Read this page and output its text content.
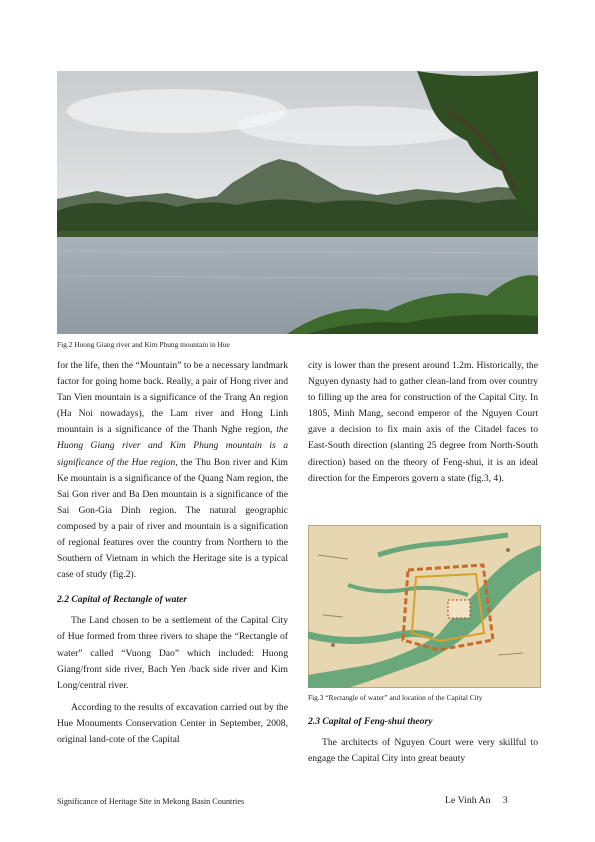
Fig.2 Huong Giang river and Kim Phung mountain in Hue

for the life, then the “Mountain” to be a necessary landmark factor for going home back. Really, a pair of Hong river and Tan Vien mountain is a significance of the Trang An region (Ha Noi nowadays), the Lam river and Hong Linh mountain is a significance of the Thanh Nghe region, the Huong Giang river and Kim Phung mountain is a significance of the Hue region, the Thu Bon river and Kim Ke mountain is a significance of the Quang Nam region, the Sai Gon river and Ba Den mountain is a significance of the Sai Gon-Gia Dinh region. The natural geographic composed by a pair of river and mountain is a signification of regional features over the country from Northern to the Southern of Vietnam in which the Heritage site is a typical case of study (fig.2).

2.2 Capital of Rectangle of water

The Land chosen to be a settlement of the Capital City of Hue formed from three rivers to shape the “Rectangle of water” called “Vuong Dao” which included: Huong Giang/front side river, Bach Yen /back side river and Kim Long/central river.

According to the results of excavation carried out by the Hue Monuments Conservation Center in September, 2008, original land-cote of the Capital

city is lower than the present around 1.2m. Historically, the Nguyen dynasty had to gather clean-land from over country to filling up the area for construction of the Capital City. In 1805, Minh Mang, second emperor of the Nguyen Court gave a decision to fix main axis of the Citadel faces to East-South direction (slanting 25 degree from North-South direction) based on the theory of Feng-shui, it is an ideal direction for the Emperors govern a state (fig.3, 4).

Fig.3 “Rectangle of water” and location of the Capital City

2.3 Capital of Feng-shui theory

The architects of Nguyen Court were very skillful to engage the Capital City into great beauty

Significance of Heritage Site in Mekong Basin Countries	Le Vinh An     3
